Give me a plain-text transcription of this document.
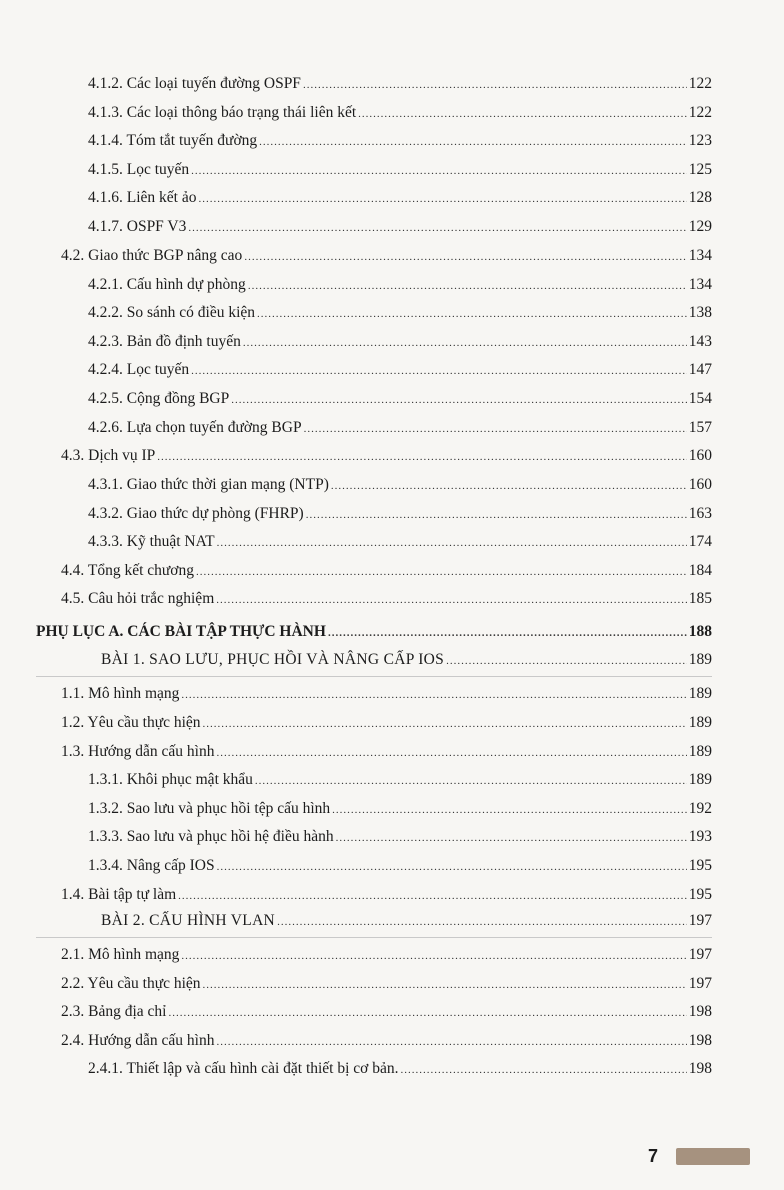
4.1.2. Các loại tuyến đường OSPF .....	122
4.1.3. Các loại thông báo trạng thái liên kết .....	122
4.1.4. Tóm tắt tuyến đường .....	123
4.1.5. Lọc tuyến .....	125
4.1.6. Liên kết ảo .....	128
4.1.7. OSPF V3 .....	129
4.2. Giao thức BGP nâng cao .....	134
4.2.1. Cấu hình dự phòng .....	134
4.2.2. So sánh có điều kiện .....	138
4.2.3. Bản đồ định tuyến .....	143
4.2.4. Lọc tuyến .....	147
4.2.5. Cộng đồng BGP .....	154
4.2.6. Lựa chọn tuyến đường BGP .....	157
4.3. Dịch vụ IP .....	160
4.3.1. Giao thức thời gian mạng (NTP) .....	160
4.3.2. Giao thức dự phòng (FHRP) .....	163
4.3.3. Kỹ thuật NAT .....	174
4.4. Tổng kết chương .....	184
4.5. Câu hỏi trắc nghiệm .....	185
PHỤ LỤC A. CÁC BÀI TẬP THỰC HÀNH .....	188
BÀI 1. SAO LƯU, PHỤC HỒI VÀ NÂNG CẤP IOS .....	189
1.1. Mô hình mạng .....	189
1.2. Yêu cầu thực hiện .....	189
1.3. Hướng dẫn cấu hình .....	189
1.3.1. Khôi phục mật khẩu .....	189
1.3.2. Sao lưu và phục hồi tệp cấu hình .....	192
1.3.3. Sao lưu và phục hồi hệ điều hành .....	193
1.3.4. Nâng cấp IOS .....	195
1.4. Bài tập tự làm .....	195
BÀI 2. CẤU HÌNH VLAN .....	197
2.1. Mô hình mạng .....	197
2.2. Yêu cầu thực hiện .....	197
2.3. Bảng địa chỉ .....	198
2.4. Hướng dẫn cấu hình .....	198
2.4.1. Thiết lập và cấu hình cài đặt thiết bị cơ bản. .....	198
7
